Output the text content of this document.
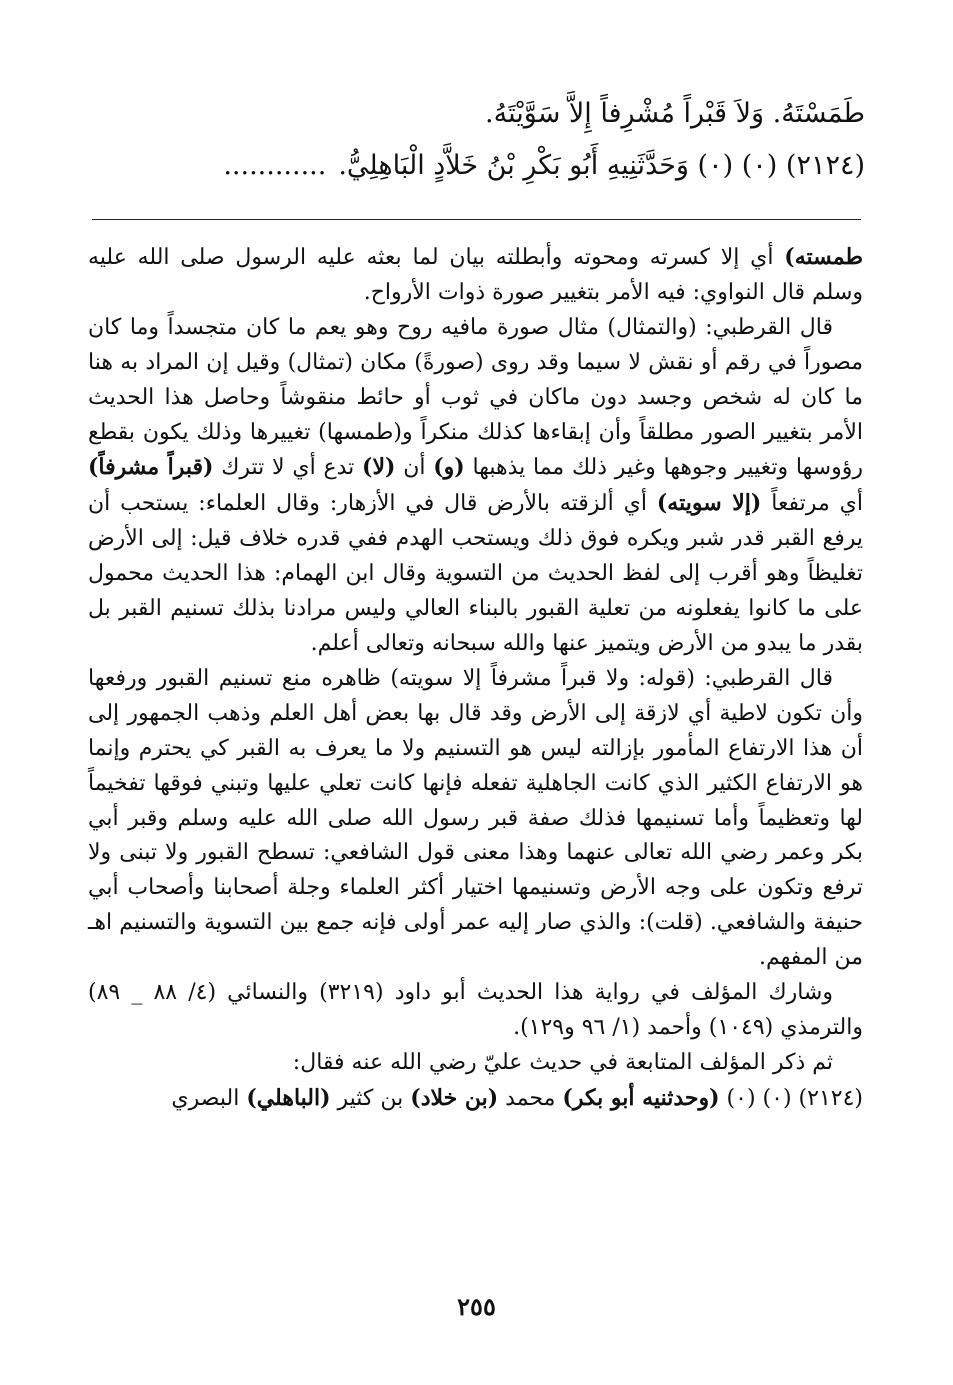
طَمَسْتَهُ. وَلاَ قَبْراً مُشْرِفاً إِلاَّ سَوَّيْتَهُ.
(٢١٢٤) (٠) (٠) وَحَدَّثَنِيهِ أَبُو بَكْرِ بْنُ خَلاَّدٍ الْبَاهِلِيُّ.............

طمسته) أي إلا كسرته ومحوته وأبطلته بيان لما بعثه عليه الرسول صلى الله عليه وسلم قال النواوي: فيه الأمر بتغيير صورة ذوات الأرواح.

قال القرطبي: (والتمثال) مثال صورة مافيه روح وهو يعم ما كان متجسداً وما كان مصوراً في رقم أو نقش لا سيما وقد روى (صورةً) مكان (تمثال) وقيل إن المراد به هنا ما كان له شخص وجسد دون ماكان في ثوب أو حائط منقوشاً وحاصل هذا الحديث الأمر بتغيير الصور مطلقاً وأن إبقاءها كذلك منكراً و(طمسها) تغييرها وذلك يكون بقطع رؤوسها وتغيير وجوهها وغير ذلك مما يذهبها (و) أن (لا) تدع أي لا تترك (قبراً مشرفاً) أي مرتفعاً (إلا سويته) أي ألزقته بالأرض قال في الأزهار: وقال العلماء: يستحب أن يرفع القبر قدر شبر ويكره فوق ذلك ويستحب الهدم ففي قدره خلاف قيل: إلى الأرض تغليظاً وهو أقرب إلى لفظ الحديث من التسوية وقال ابن الهمام: هذا الحديث محمول على ما كانوا يفعلونه من تعلية القبور بالبناء العالي وليس مرادنا بذلك تسنيم القبر بل بقدر ما يبدو من الأرض ويتميز عنها والله سبحانه وتعالى أعلم.

قال القرطبي: (قوله: ولا قبراً مشرفاً إلا سويته) ظاهره منع تسنيم القبور ورفعها وأن تكون لاطية أي لازقة إلى الأرض وقد قال بها بعض أهل العلم وذهب الجمهور إلى أن هذا الارتفاع المأمور بإزالته ليس هو التسنيم ولا ما يعرف به القبر كي يحترم وإنما هو الارتفاع الكثير الذي كانت الجاهلية تفعله فإنها كانت تعلي عليها وتبني فوقها تفخيماً لها وتعظيماً وأما تسنيمها فذلك صفة قبر رسول الله صلى الله عليه وسلم وقبر أبي بكر وعمر رضي الله تعالى عنهما وهذا معنى قول الشافعي: تسطح القبور ولا تبنى ولا ترفع وتكون على وجه الأرض وتسنيمها اختيار أكثر العلماء وجلة أصحابنا وأصحاب أبي حنيفة والشافعي. (قلت): والذي صار إليه عمر أولى فإنه جمع بين التسوية والتسنيم اهـ من المفهم.

وشارك المؤلف في رواية هذا الحديث أبو داود (٣٢١٩) والنسائي (٤/ ٨٨ _ ٨٩) والترمذي (١٠٤٩) وأحمد (١/ ٩٦ و١٢٩).

ثم ذكر المؤلف المتابعة في حديث عليّ رضي الله عنه فقال:

(٢١٢٤) (٠) (٠) (وحدثنيه أبو بكر) محمد (بن خلاد) بن كثير (الباهلي) البصري

٢٥٥
